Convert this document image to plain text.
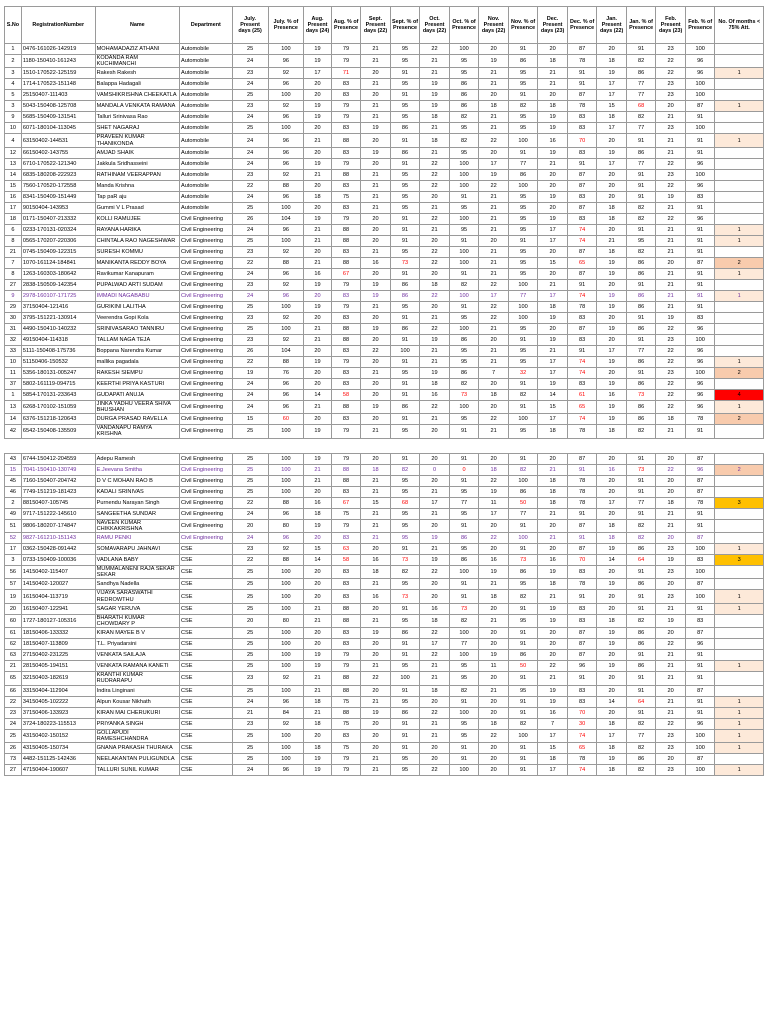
S.No	RegistrationNumber	Name	Department	July. Present days (25)	July. % of Presence	Aug. Present days (24)	Aug. % of Presence	Sept. Present days (22)	Sept. % of Presence	Oct. Present days (22)	Oct. % of Presence	Nov. Present days (22)	Nov. % of Presence	Dec. Present days (23)	Dec. % of Presence	Jan. Present days (22)	Jan. % of Presence	Feb. Present days (23)	Feb. % of Presence	No. Of months < 75% Att.
1	0476-161026-142919	MOHAMADAZIZ ATHANI	Automobile	25	100	19	79	21	95	22	100	20	91	20	87	20	91	23	100	
2	1180-150410-161243	KODANDA RAM KUCHIMANCHI	Automobile	24	96	19	79	21	95	21	95	19	86	18	78	18	82	22	96	
3	1510-170522-125159	Rakesh Rakesh	Automobile	23	92	17	71	20	91	21	95	21	95	21	91	19	86	22	96	1
4	1714-170523-151148	Balappa Hadagali	Automobile	24	96	20	83	21	95	19	86	21	95	21	91	17	77	23	100	
5	25150407-111403	VAMSHIKRISHNA CHEEKATLA	Automobile	25	100	20	83	20	91	19	86	20	91	20	87	17	77	23	100	
3	5043-150408-125708	MANDALA VENKATA RAMANA	Automobile	23	92	19	79	21	95	19	86	18	82	18	78	15	68	20	87	1
9	5685-150409-131541	Talluri Srinivasa Rao	Automobile	24	96	19	79	21	95	18	82	21	95	19	83	18	82	21	91	
10	6071-180104-113045	SHET NAGARAJ	Automobile	25	100	20	83	19	86	21	95	21	95	19	83	17	77	23	100	
4	63150402-144531	PRAVEEN KUMAR THANIKONDA	Automobile	24	96	21	88	20	91	18	82	22	100	16	70	20	91	21	91	1
12	66150402-143755	AMJAD SHAIK	Automobile	24	96	20	83	19	86	21	95	20	91	19	83	19	86	21	91	
13	6710-170522-121340	Jakkula Sridhasseini	Automobile	24	96	19	79	20	91	22	100	17	77	21	91	17	77	22	96	
14	6835-180208-222923	RATHINAM VEERAPPAN	Automobile	23	92	21	88	21	95	22	100	19	86	20	87	20	91	23	100	
15	7560-170520-172558	Manda Krishna	Automobile	22	88	20	83	21	95	22	100	22	100	20	87	20	91	22	96	
16	8341-150409-151449	Tap paR aju	Automobile	24	96	18	75	21	95	20	91	21	95	19	83	20	91	19	83	
17	90150404-143953	Gummi V L Prasad	Automobile	25	100	20	83	21	95	21	95	21	95	20	87	18	82	21	91	
18	0171-150407-213332	KOLLI RAMUJEE	Civil Engineering	26	104	19	79	20	91	22	100	21	95	19	83	18	82	22	96	
6	0233-170131-020324	RAYANA HARIKA	Civil Engineering	24	96	21	88	20	91	21	95	21	95	17	74	20	91	21	91	1
8	0565-170207-220306	CHINTALA RAO NAGESHWAR	Civil Engineering	25	100	21	88	20	91	20	91	20	91	17	74	21	95	21	91	1
21	0745-150409-122315	SURESH KOMMU	Civil Engineering	23	92	20	83	21	95	22	100	21	95	20	87	18	82	21	91	
7	1070-161124-184841	MANIKANTA REDDY BOYA	Civil Engineering	22	88	21	88	16	73	22	100	21	95	15	65	19	86	20	87	2
8	1263-160303-180642	Ravikumar Kanapuram	Civil Engineering	24	96	16	67	20	91	20	91	21	95	20	87	19	86	21	91	1
27	2838-150509-142354	PUPALWAD ARTI SUDAM	Civil Engineering	23	92	19	79	19	86	18	82	22	100	21	91	20	91	21	91	
9	2978-160107-171725	IMMADI NAGABABU	Civil Engineering	24	96	20	83	19	86	22	100	17	77	17	74	19	86	21	91	1
29	37150404-121416	GURIKINI LALITHA	Civil Engineering	25	100	19	79	21	95	20	91	22	100	18	78	19	86	21	91	
30	3795-151221-130914	Veerendra Gopi Kola	Civil Engineering	23	92	20	83	20	91	21	95	22	100	19	83	20	91	19	83	
31	4490-150410-140232	SRINIVASARAO TANNIRU	Civil Engineering	25	100	21	88	19	86	22	100	21	95	20	87	19	86	22	96	
32	49150404-114318	TALLAM NAGA TEJA	Civil Engineering	23	92	21	88	20	91	19	86	20	91	19	83	20	91	23	100	
33	5111-150408-175736	Boppana Narendra Kumar	Civil Engineering	26	104	20	83	22	100	21	95	21	95	21	91	17	77	22	96	
10	51150406-150532	mallika pagadala	Civil Engineering	22	88	19	79	20	91	21	95	21	95	17	74	19	86	22	96	1
11	5356-180131-005247	RAKESH SIEMPU	Civil Engineering	19	76	20	83	21	95	19	86	7	32	17	74	20	91	23	100	2
37	5802-161119-094715	KEERTHI PRIYA KASTURI	Civil Engineering	24	96	20	83	20	91	18	82	20	91	19	83	19	86	22	96	
1	5854-170131-233643	GUDAPATI ANUJA	Civil Engineering	24	96	14	58	20	91	16	73	18	82	14	61	16	73	22	96	4
13	6268-170102-151059	JINKA YADHU VEERA SHIVA BHUSHAN	Civil Engineering	24	96	21	88	19	86	22	100	20	91	15	65	19	86	22	96	1
14	6376-151218-120643	DURGA PRASAD RAVELLA	Civil Engineering	15	60	20	83	20	91	21	95	22	100	17	74	19	86	18	78	2
42	6542-150408-135509	VANDANAPU RAMYA KRISHNA	Civil Engineering	25	100	19	79	21	95	20	91	21	95	18	78	18	82	21	91	

43	6744-150412-204559	Adepu Ramesh	Civil Engineering	25	100	19	79	20	91	20	91	20	91	20	87	20	91	20	87	
15	7041-150410-130749	E.Jeevana Smitha	Civil Engineering	25	100	21	88	18	82	0	0	18	82	21	91	16	73	22	96	2
45	7160-150407-204742	D V C MOHAN RAO B	Civil Engineering	25	100	21	88	21	95	20	91	22	100	18	78	20	91	20	87	
46	7749-151219-181423	KADALI SRINIVAS	Civil Engineering	25	100	20	83	21	95	21	95	19	86	18	78	20	91	20	87	
2	88150407-105745	Purnendu Narayan Singh	Civil Engineering	22	88	16	67	15	68	17	77	11	50	18	78	17	77	18	78	3
49	9717-151222-145610	SANGEETHA SUNDAR	Civil Engineering	24	96	18	75	21	95	21	95	17	77	21	91	20	91	21	91	
51	9806-180207-174847	NAVEEN KUMAR CHIKKAKRISHNA	Civil Engineering	20	80	19	79	21	95	20	91	20	91	20	87	18	82	21	91	
52	9827-161210-151143	RAMU PENKI	Civil Engineering	24	96	20	83	21	95	19	86	22	100	21	91	18	82	20	87	
17	0362-150428-091442	SOMAVARAPU JAHNAVI	CSE	23	92	15	63	20	91	21	95	20	91	20	87	19	86	23	100	1
3	0733-150409-100036	VADLANA BABY	CSE	22	88	14	58	16	73	19	86	16	73	16	70	14	64	19	83	3
56	14150402-115407	MUMMALANENI RAJA SEKAR SEKAR	CSE	25	100	20	83	18	82	22	100	19	86	19	83	20	91	23	100	
57	14150402-120027	Sandhya Nadella	CSE	25	100	20	83	21	95	20	91	21	95	18	78	19	86	20	87	
19	16150404-113719	VIJAYA SARASWATHI REDROWTHU	CSE	25	100	20	83	16	73	20	91	18	82	21	91	20	91	23	100	1
20	16150407-122941	SAGAR YERUVA	CSE	25	100	21	88	20	91	16	73	20	91	19	83	20	91	21	91	1
60	1727-180127-105316	BHARATH KUMAR CHOWDARY P	CSE	20	80	21	88	21	95	18	82	21	95	19	83	18	82	19	83	
61	18150406-133332	KIRAN MAYEE B V	CSE	25	100	20	83	19	86	22	100	20	91	20	87	19	86	20	87	
62	18150407-113809	T.L. Priyadarsini	CSE	25	100	20	83	20	91	17	77	20	91	20	87	19	86	22	96	
63	27150402-231225	VENKATA SAILAJA	CSE	25	100	19	79	20	91	22	100	19	86	20	87	20	91	21	91	
21	28150405-194151	VENKATA RAMANA KANETI	CSE	25	100	19	79	21	95	21	95	11	50	22	96	19	86	21	91	1
65	32150403-182619	KRANTHI KUMAR RUDRARAPU	CSE	23	92	21	88	22	100	21	95	20	91	21	91	20	91	21	91	
66	33150404-112904	Indira Linginani	CSE	25	100	21	88	20	91	18	82	21	95	19	83	20	91	20	87	
22	34150405-102222	Alpun Kousar Nikhath	CSE	24	96	18	75	21	95	20	91	20	91	19	83	14	64	21	91	1
23	37150406-133923	KIRAN MAI CHERUKURI	CSE	21	84	21	88	19	86	22	100	20	91	16	70	20	91	21	91	1
24	3724-180223-115513	PRIYANKA SINGH	CSE	23	92	18	75	20	91	21	95	18	82	7	30	18	82	22	96	1
25	43150402-150152	GOLLAPUDI RAMESHCHANDRA	CSE	25	100	20	83	20	91	21	95	22	100	17	74	17	77	23	100	1
26	43150405-150734	GNANA PRAKASH THURAKA	CSE	25	100	18	75	20	91	20	91	20	91	15	65	18	82	23	100	1
73	4482-151125-142436	NEELAKANTAN PULIGUNDLA	CSE	25	100	19	79	21	95	20	91	20	91	18	78	19	86	20	87	
27	47150404-190607	TALLURI SUNIL KUMAR	CSE	24	96	19	79	21	95	22	100	20	91	17	74	18	82	23	100	1
